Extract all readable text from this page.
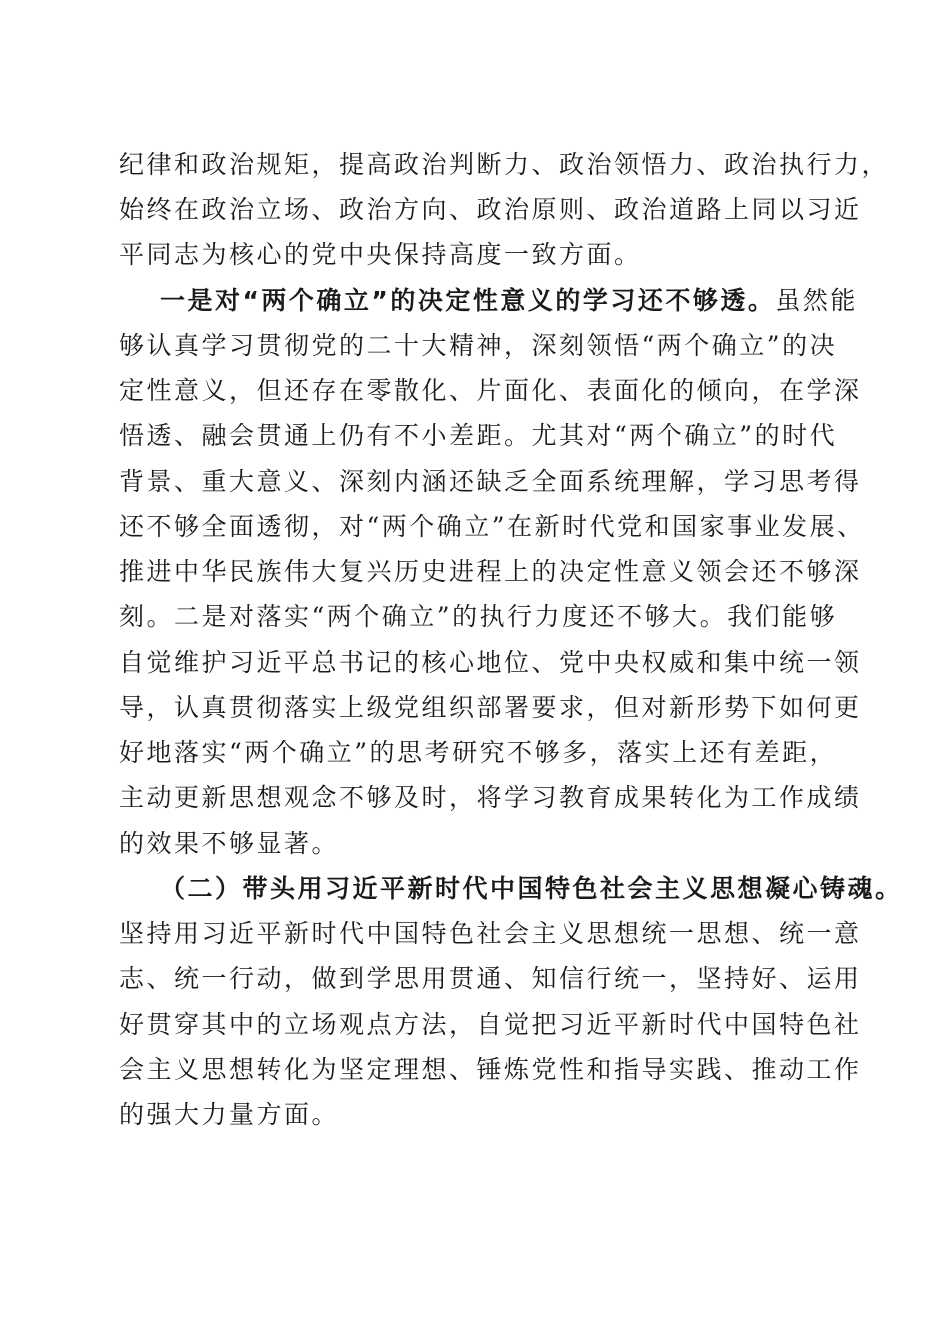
纪律和政治规矩，提高政治判断力、政治领悟力、政治执行力，
始终在政治立场、政治方向、政治原则、政治道路上同以习近
平同志为核心的党中央保持高度一致方面。
一是对“两个确立”的决定性意义的学习还不够透。虽然能
够认真学习贯彻党的二十大精神，深刻领悟“两个确立”的决
定性意义，但还存在零散化、片面化、表面化的倾向，在学深
悟透、融会贯通上仍有不小差距。尤其对“两个确立”的时代
背景、重大意义、深刻内涵还缺乏全面系统理解，学习思考得
还不够全面透彻，对“两个确立”在新时代党和国家事业发展、
推进中华民族伟大复兴历史进程上的决定性意义领会还不够深
刻。二是对落实“两个确立”的执行力度还不够大。我们能够
自觉维护习近平总书记的核心地位、党中央权威和集中统一领
导，认真贯彻落实上级党组织部署要求，但对新形势下如何更
好地落实“两个确立”的思考研究不够多，落实上还有差距，
主动更新思想观念不够及时，将学习教育成果转化为工作成绩
的效果不够显著。
（二）带头用习近平新时代中国特色社会主义思想凝心铸魂。
坚持用习近平新时代中国特色社会主义思想统一思想、统一意
志、统一行动，做到学思用贯通、知信行统一，坚持好、运用
好贯穿其中的立场观点方法，自觉把习近平新时代中国特色社
会主义思想转化为坚定理想、锤炼党性和指导实践、推动工作
的强大力量方面。
